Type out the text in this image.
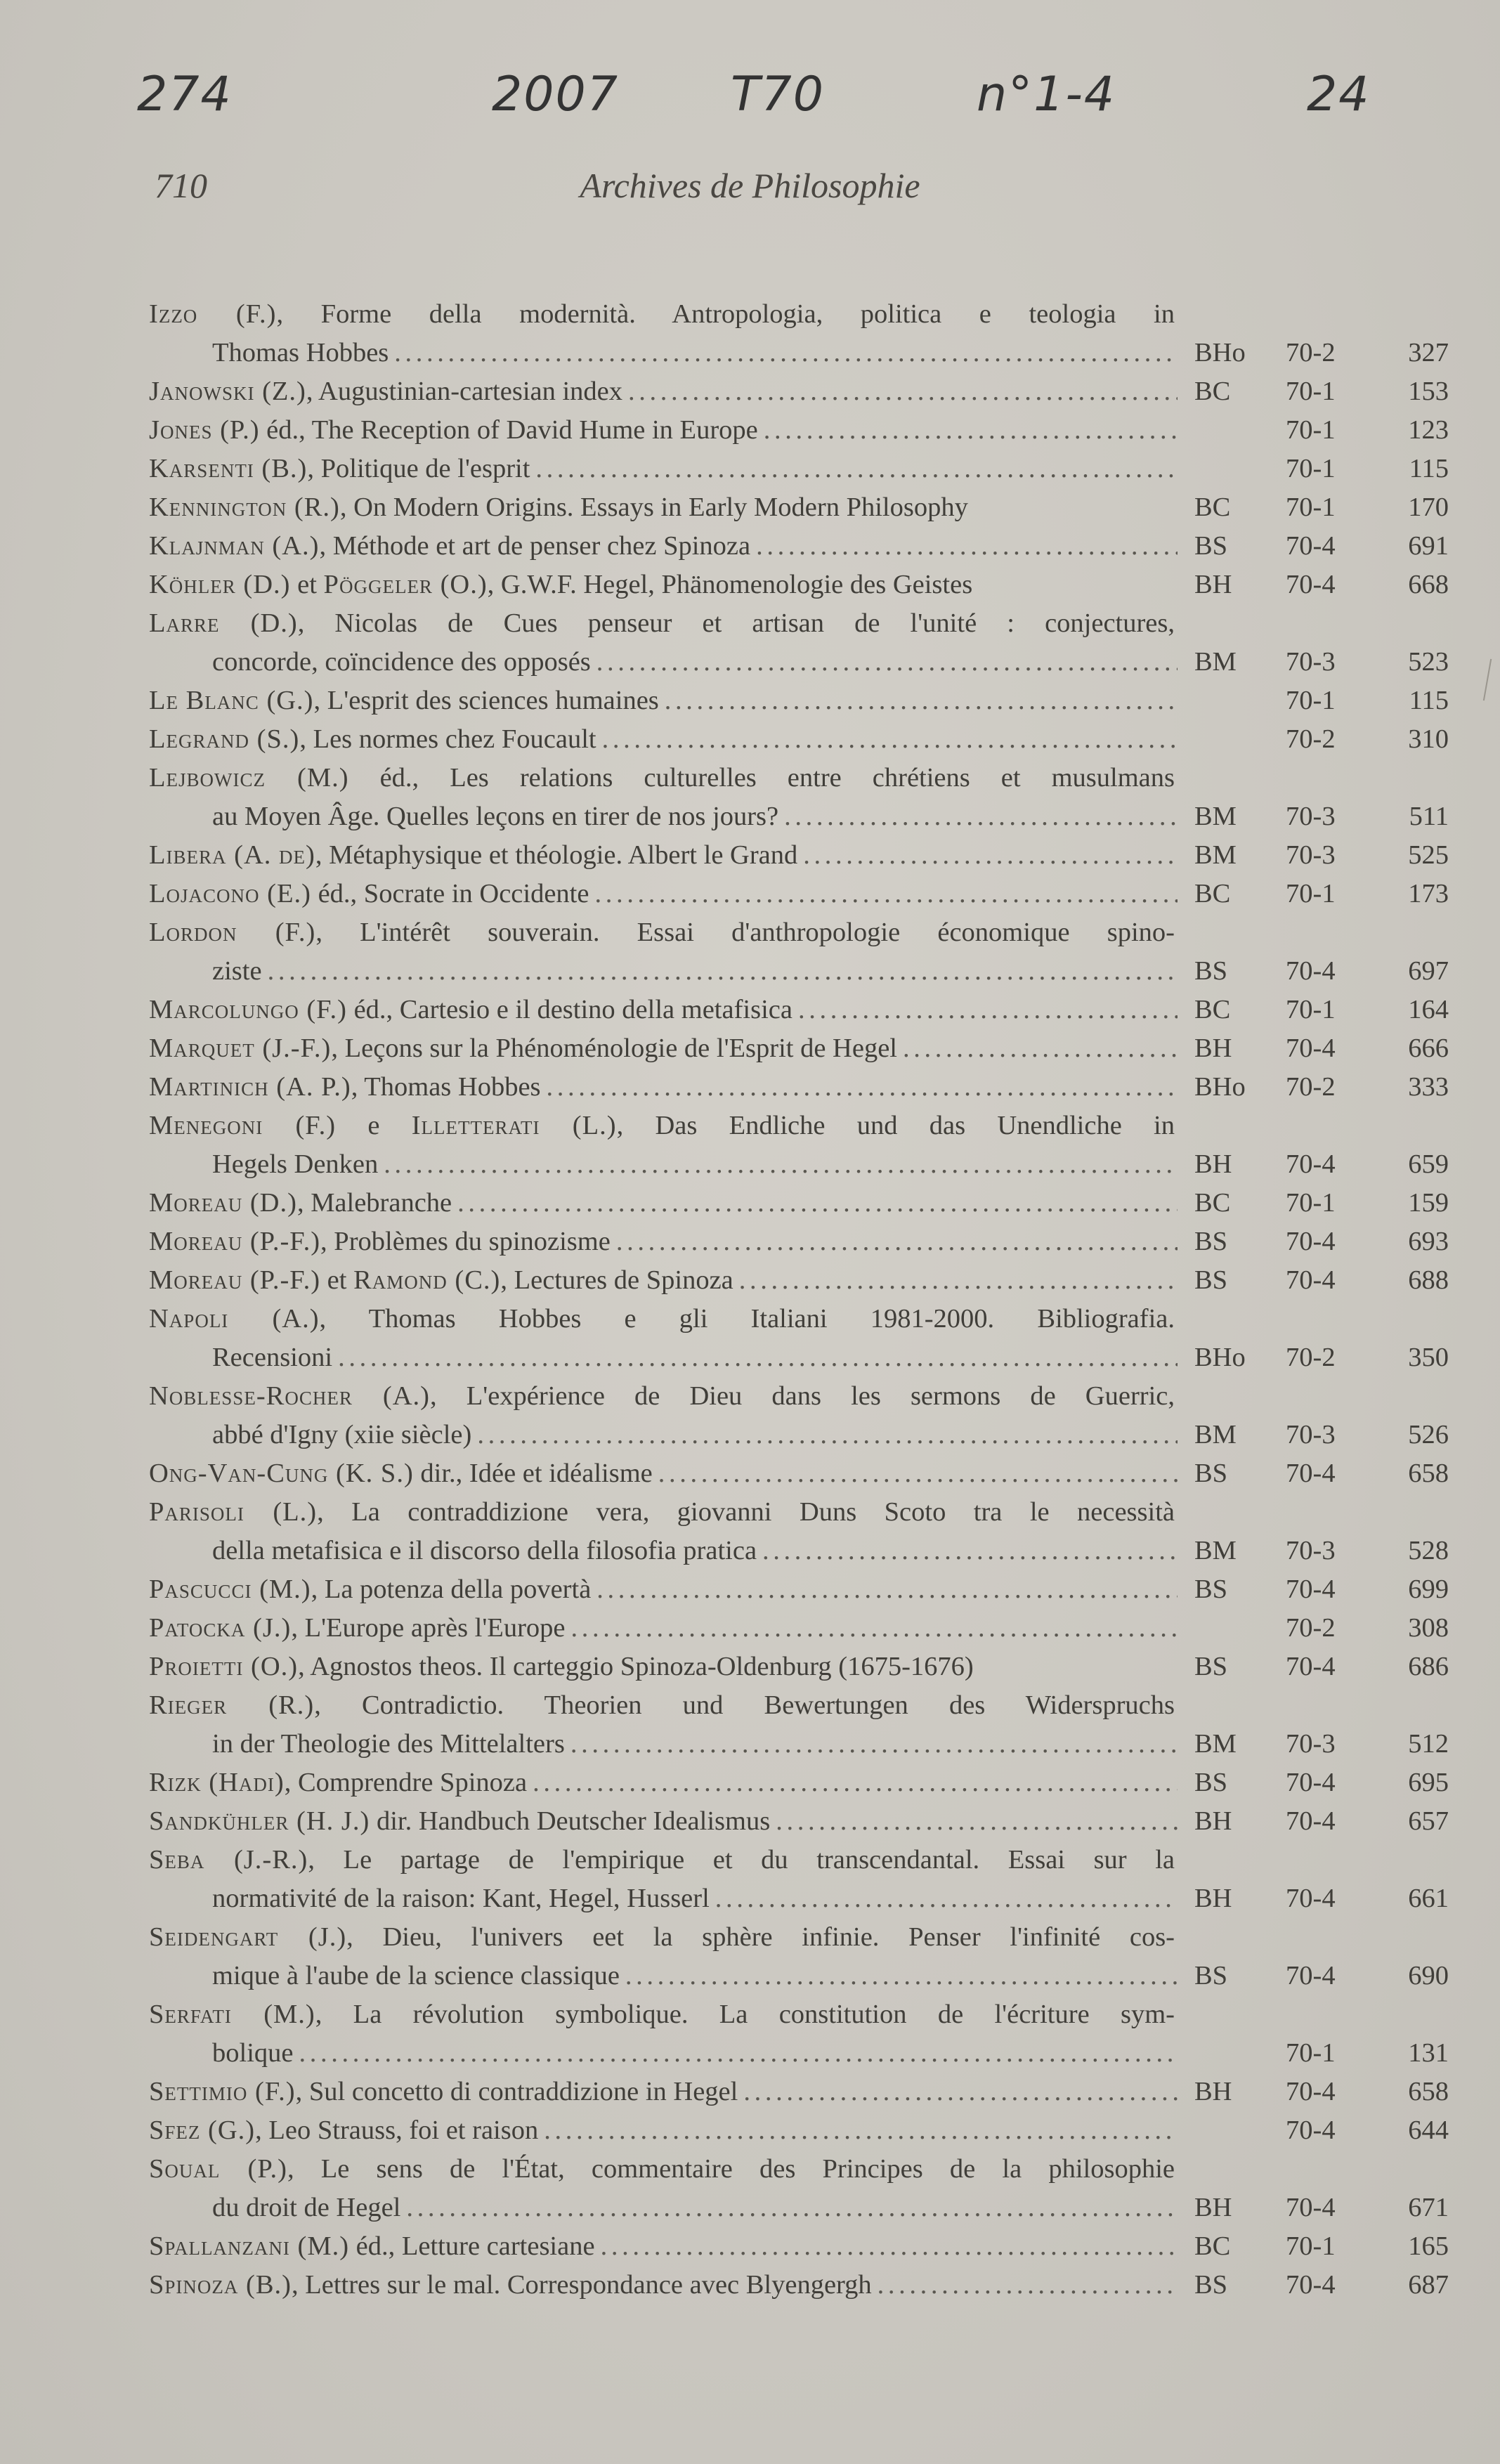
274	2007 T70	n°1-4	24
710	Archives de Philosophie
Izzo (F.), Forme della modernità. Antropologia, politica e teologia in
Thomas Hobbes . . .	BHo	70-2	327
Janowski (Z.), Augustinian-cartesian index . . .	BC	70-1	153
Jones (P.) éd., The Reception of David Hume in Europe . . .	70-1	123
Karsenti (B.), Politique de l'esprit . . .	70-1	115
Kennington (R.), On Modern Origins. Essays in Early Modern Philosophy	BC	70-1	170
Klajnman (A.), Méthode et art de penser chez Spinoza . . .	BS	70-4	691
Köhler (D.) et Pöggeler (O.), G.W.F. Hegel, Phänomenologie des Geistes	BH	70-4	668
Larre (D.), Nicolas de Cues penseur et artisan de l'unité : conjectures,
concorde, coïncidence des opposés . . .	BM	70-3	523
Le Blanc (G.), L'esprit des sciences humaines . . .	70-1	115
Legrand (S.), Les normes chez Foucault . . .	70-2	310
Lejbowicz (M.) éd., Les relations culturelles entre chrétiens et musulmans
au Moyen Âge. Quelles leçons en tirer de nos jours? . . .	BM	70-3	511
Libera (A. de), Métaphysique et théologie. Albert le Grand . . .	BM	70-3	525
Lojacono (E.) éd., Socrate in Occidente . . .	BC	70-1	173
Lordon (F.), L'intérêt souverain. Essai d'anthropologie économique spino-
ziste . . .	BS	70-4	697
Marcolungo (F.) éd., Cartesio e il destino della metafisica . . .	BC	70-1	164
Marquet (J.-F.), Leçons sur la Phénoménologie de l'Esprit de Hegel . . .	BH	70-4	666
Martinich (A. P.), Thomas Hobbes . . .	BHo	70-2	333
Menegoni (F.) e Illetterati (L.), Das Endliche und das Unendliche in
Hegels Denken . . .	BH	70-4	659
Moreau (D.), Malebranche . . .	BC	70-1	159
Moreau (P.-F.), Problèmes du spinozisme . . .	BS	70-4	693
Moreau (P.-F.) et Ramond (C.), Lectures de Spinoza . . .	BS	70-4	688
Napoli (A.), Thomas Hobbes e gli Italiani 1981-2000. Bibliografia.
Recensioni . . .	BHo	70-2	350
Noblesse-Rocher (A.), L'expérience de Dieu dans les sermons de Guerric,
abbé d'Igny (xiie siècle) . . .	BM	70-3	526
Ong-Van-Cung (K. S.) dir., Idée et idéalisme . . .	BS	70-4	658
Parisoli (L.), La contraddizione vera, giovanni Duns Scoto tra le necessità
della metafisica e il discorso della filosofia pratica . . .	BM	70-3	528
Pascucci (M.), La potenza della povertà . . .	BS	70-4	699
Patocka (J.), L'Europe après l'Europe . . .	70-2	308
Proietti (O.), Agnostos theos. Il carteggio Spinoza-Oldenburg (1675-1676)	BS	70-4	686
Rieger (R.), Contradictio. Theorien und Bewertungen des Widerspruchs
in der Theologie des Mittelalters . . .	BM	70-3	512
Rizk (Hadi), Comprendre Spinoza . . .	BS	70-4	695
Sandkühler (H. J.) dir. Handbuch Deutscher Idealismus . . .	BH	70-4	657
Seba (J.-R.), Le partage de l'empirique et du transcendantal. Essai sur la
normativité de la raison: Kant, Hegel, Husserl . . .	BH	70-4	661
Seidengart (J.), Dieu, l'univers eet la sphère infinie. Penser l'infinité cos-
mique à l'aube de la science classique . . .	BS	70-4	690
Serfati (M.), La révolution symbolique. La constitution de l'écriture sym-
bolique . . .	70-1	131
Settimio (F.), Sul concetto di contraddizione in Hegel . . .	BH	70-4	658
Sfez (G.), Leo Strauss, foi et raison . . .	70-4	644
Soual (P.), Le sens de l'État, commentaire des Principes de la philosophie
du droit de Hegel . . .	BH	70-4	671
Spallanzani (M.) éd., Letture cartesiane . . .	BC	70-1	165
Spinoza (B.), Lettres sur le mal. Correspondance avec Blyengergh . . .	BS	70-4	687
